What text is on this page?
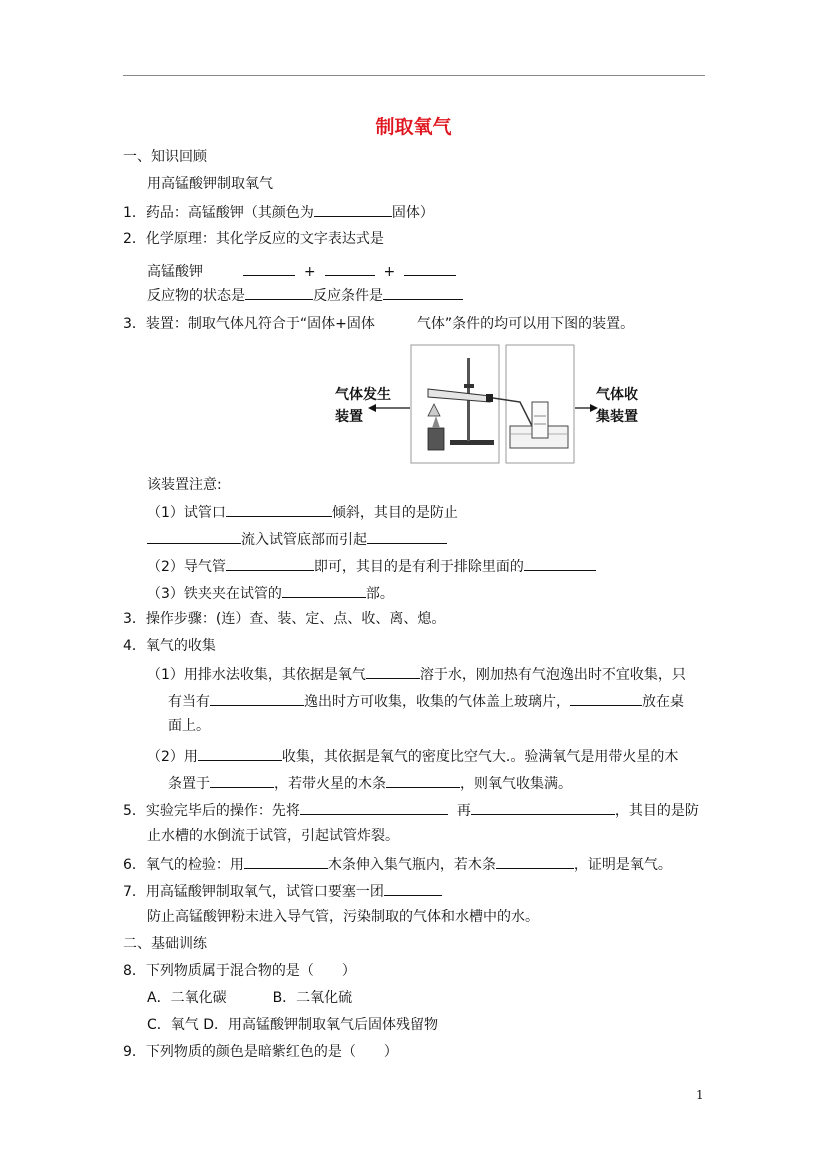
制取氧气
一、知识回顾
用高锰酸钾制取氧气
1．药品：高锰酸钾（其颜色为	固体）
2．化学原理：其化学反应的文字表达式是
高锰酸钾	+	+
反应物的状态是	反应条件是
3．装置：制取气体凡符合于“固体+固体	气体”条件的均可以用下图的装置。
气体发生
装置
气体收
集装置
该装置注意:
（1）试管口	倾斜，其目的是防止
流入试管底部而引起
（2）导气管	即可，其目的是有利于排除里面的
（3）铁夹夹在试管的	部。
3．操作步骤：(连）查、装、定、点、收、离、熄。
4．氧气的收集
（1）用排水法收集，其依据是氧气	溶于水，刚加热有气泡逸出时不宜收集，只
有当有	逸出时方可收集，收集的气体盖上玻璃片，	放在桌
面上。
（2）用	收集，其依据是氧气的密度比空气大.。验满氧气是用带火星的木
条置于	，若带火星的木条	，则氧气收集满。
5．实验完毕后的操作：先将	再	，其目的是防
止水槽的水倒流于试管，引起试管炸裂。
6．氧气的检验：用	木条伸入集气瓶内，若木条	，证明是氧气。
7．用高锰酸钾制取氧气，试管口要塞一团
防止高锰酸钾粉末进入导气管，污染制取的气体和水槽中的水。
二、基础训练
8．下列物质属于混合物的是（　　）
A．二氧化碳	B．二氧化硫
C．氧气 D．用高锰酸钾制取氧气后固体残留物
9．下列物质的颜色是暗紫红色的是（　　）
1
